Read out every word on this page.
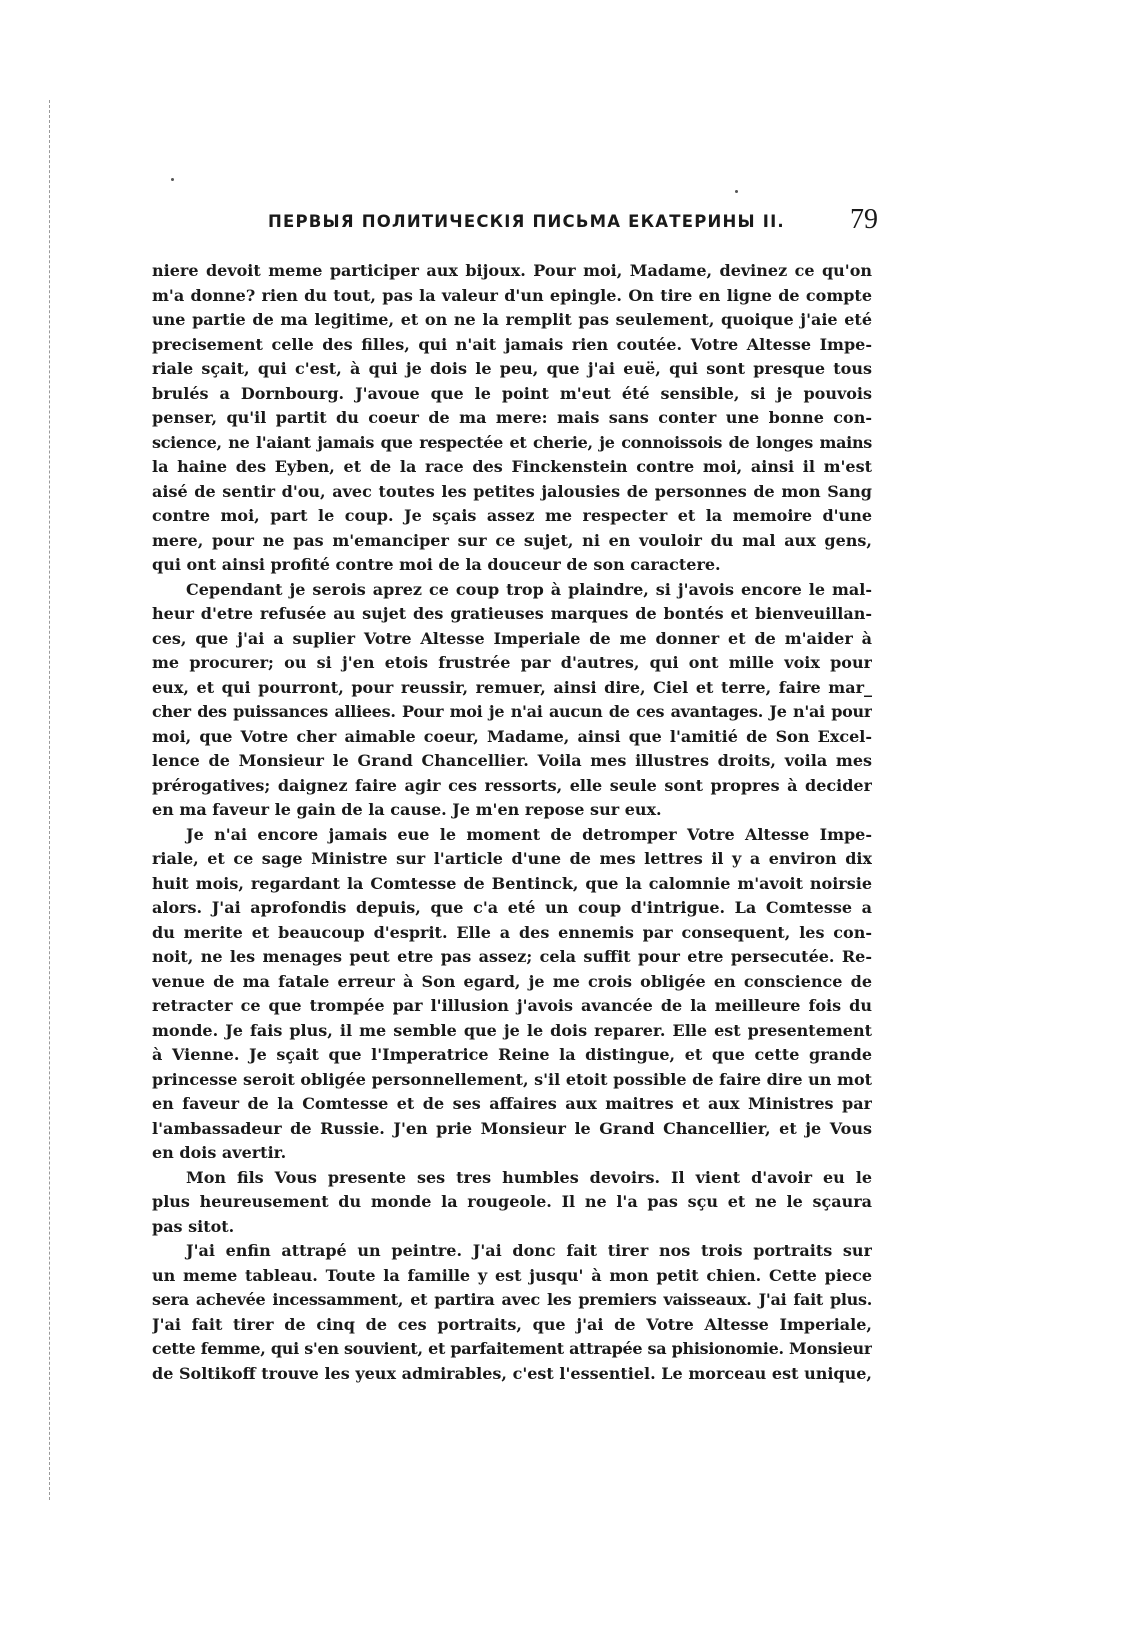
ПЕРВЫЯ ПОЛИТИЧЕСКІЯ ПИСЬМА ЕКАТЕРИНЫ II. 79
niere devoit meme participer aux bijoux. Pour moi, Madame, devinez ce qu'on
m'a donne? rien du tout, pas la valeur d'un epingle. On tire en ligne de compte
une partie de ma legitime, et on ne la remplit pas seulement, quoique j'aie eté
precisement celle des filles, qui n'ait jamais rien coutée. Votre Altesse Impe-
riale sçait, qui c'est, à qui je dois le peu, que j'ai euë, qui sont presque tous
brulés a Dornbourg. J'avoue que le point m'eut été sensible, si je pouvois
penser, qu'il partit du coeur de ma mere: mais sans conter une bonne con-
science, ne l'aiant jamais que respectée et cherie, je connoissois de longes mains
la haine des Eyben, et de la race des Finckenstein contre moi, ainsi il m'est
aisé de sentir d'ou, avec toutes les petites jalousies de personnes de mon Sang
contre moi, part le coup. Je sçais assez me respecter et la memoire d'une
mere, pour ne pas m'emanciper sur ce sujet, ni en vouloir du mal aux gens,
qui ont ainsi profité contre moi de la douceur de son caractere.
Cependant je serois aprez ce coup trop à plaindre, si j'avois encore le mal-
heur d'etre refusée au sujet des gratieuses marques de bontés et bienveuillan-
ces, que j'ai a suplier Votre Altesse Imperiale de me donner et de m'aider à
me procurer; ou si j'en etois frustrée par d'autres, qui ont mille voix pour
eux, et qui pourront, pour reussir, remuer, ainsi dire, Ciel et terre, faire mar_
cher des puissances alliees. Pour moi je n'ai aucun de ces avantages. Je n'ai pour
moi, que Votre cher aimable coeur, Madame, ainsi que l'amitié de Son Excel-
lence de Monsieur le Grand Chancellier. Voila mes illustres droits, voila mes
prérogatives; daignez faire agir ces ressorts, elle seule sont propres à decider
en ma faveur le gain de la cause. Je m'en repose sur eux.
Je n'ai encore jamais eue le moment de detromper Votre Altesse Impe-
riale, et ce sage Ministre sur l'article d'une de mes lettres il y a environ dix
huit mois, regardant la Comtesse de Bentinck, que la calomnie m'avoit noirsie
alors. J'ai aprofondis depuis, que c'a eté un coup d'intrigue. La Comtesse a
du merite et beaucoup d'esprit. Elle a des ennemis par consequent, les con-
noit, ne les menages peut etre pas assez; cela suffit pour etre persecutée. Re-
venue de ma fatale erreur à Son egard, je me crois obligée en conscience de
retracter ce que trompée par l'illusion j'avois avancée de la meilleure fois du
monde. Je fais plus, il me semble que je le dois reparer. Elle est presentement
à Vienne. Je sçait que l'Imperatrice Reine la distingue, et que cette grande
princesse seroit obligée personnellement, s'il etoit possible de faire dire un mot
en faveur de la Comtesse et de ses affaires aux maitres et aux Ministres par
l'ambassadeur de Russie. J'en prie Monsieur le Grand Chancellier, et je Vous
en dois avertir.
Mon fils Vous presente ses tres humbles devoirs. Il vient d'avoir eu le
plus heureusement du monde la rougeole. Il ne l'a pas sçu et ne le sçaura
pas sitot.
J'ai enfin attrapé un peintre. J'ai donc fait tirer nos trois portraits sur
un meme tableau. Toute la famille y est jusqu' à mon petit chien. Cette piece
sera achevée incessamment, et partira avec les premiers vaisseaux. J'ai fait plus.
J'ai fait tirer de cinq de ces portraits, que j'ai de Votre Altesse Imperiale,
cette femme, qui s'en souvient, et parfaitement attrapée sa phisionomie. Monsieur
de Soltikoff trouve les yeux admirables, c'est l'essentiel. Le morceau est unique,
